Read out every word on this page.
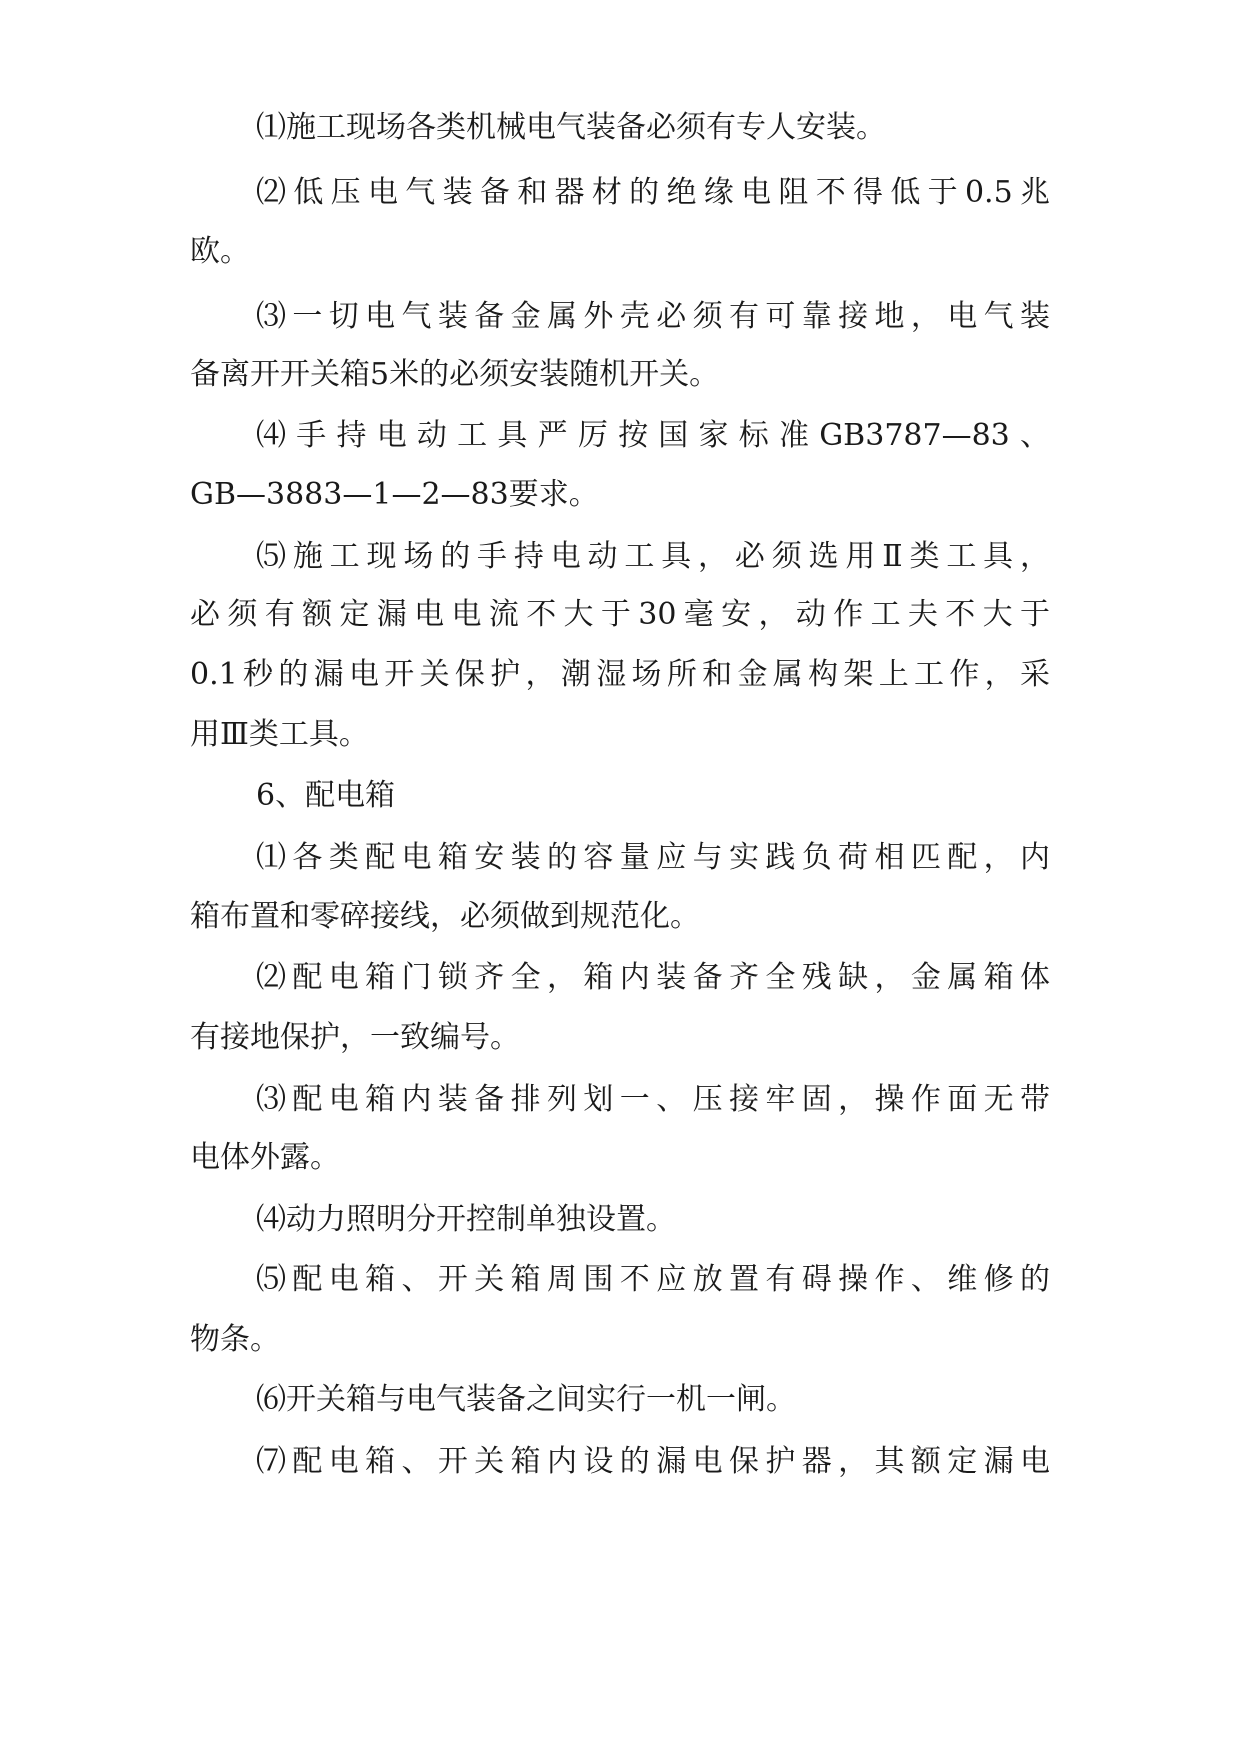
⑴施工现场各类机械电气装备必须有专人安装。
⑵低压电气装备和器材的绝缘电阻不得低于0.5兆
欧。
⑶一切电气装备金属外壳必须有可靠接地，电气装
备离开开关箱5米的必须安装随机开关。
⑷手持电动工具严厉按国家标准GB3787—83、
GB—3883—1—2—83要求。
⑸施工现场的手持电动工具，必须选用Ⅱ类工具，
必须有额定漏电电流不大于30毫安，动作工夫不大于
0.1秒的漏电开关保护，潮湿场所和金属构架上工作，采
用Ⅲ类工具。
6、配电箱
⑴各类配电箱安装的容量应与实践负荷相匹配，内
箱布置和零碎接线，必须做到规范化。
⑵配电箱门锁齐全，箱内装备齐全残缺，金属箱体
有接地保护，一致编号。
⑶配电箱内装备排列划一、压接牢固，操作面无带
电体外露。
⑷动力照明分开控制单独设置。
⑸配电箱、开关箱周围不应放置有碍操作、维修的
物条。
⑹开关箱与电气装备之间实行一机一闸。
⑺配电箱、开关箱内设的漏电保护器，其额定漏电
